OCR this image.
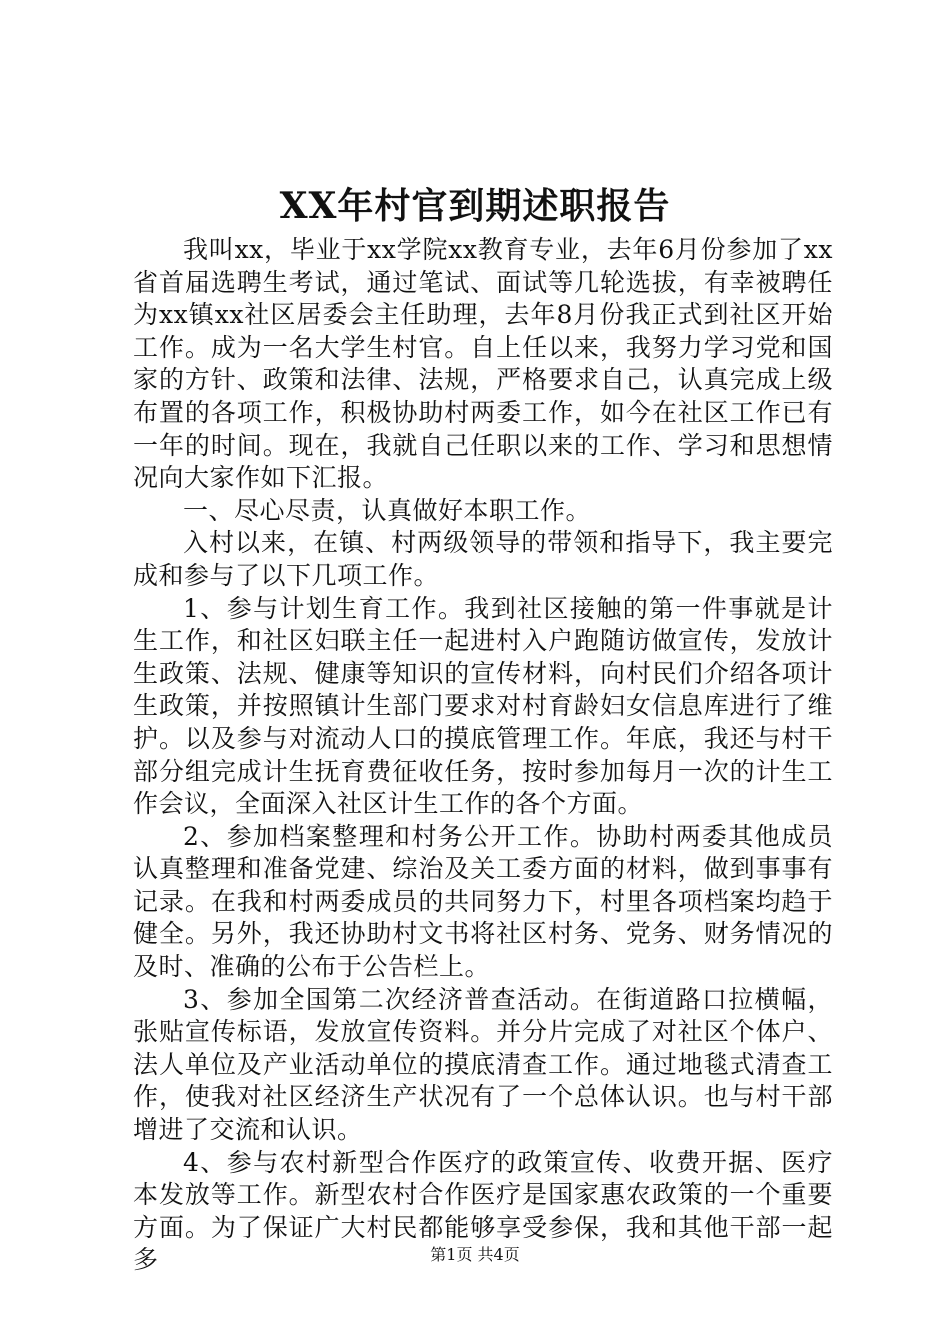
XX年村官到期述职报告

我叫xx，毕业于xx学院xx教育专业，去年6月份参加了xx省首届选聘生考试，通过笔试、面试等几轮选拔，有幸被聘任为xx镇xx社区居委会主任助理，去年8月份我正式到社区开始工作。成为一名大学生村官。自上任以来，我努力学习党和国家的方针、政策和法律、法规，严格要求自己，认真完成上级布置的各项工作，积极协助村两委工作，如今在社区工作已有一年的时间。现在，我就自己任职以来的工作、学习和思想情况向大家作如下汇报。

一、尽心尽责，认真做好本职工作。

入村以来，在镇、村两级领导的带领和指导下，我主要完成和参与了以下几项工作。

1、参与计划生育工作。我到社区接触的第一件事就是计生工作，和社区妇联主任一起进村入户跑随访做宣传，发放计生政策、法规、健康等知识的宣传材料，向村民们介绍各项计生政策，并按照镇计生部门要求对村育龄妇女信息库进行了维护。以及参与对流动人口的摸底管理工作。年底，我还与村干部分组完成计生抚育费征收任务，按时参加每月一次的计生工作会议，全面深入社区计生工作的各个方面。

2、参加档案整理和村务公开工作。协助村两委其他成员认真整理和准备党建、综治及关工委方面的材料，做到事事有记录。在我和村两委成员的共同努力下，村里各项档案均趋于健全。另外，我还协助村文书将社区村务、党务、财务情况的及时、准确的公布于公告栏上。

3、参加全国第二次经济普查活动。在街道路口拉横幅，张贴宣传标语，发放宣传资料。并分片完成了对社区个体户、法人单位及产业活动单位的摸底清查工作。通过地毯式清查工作，使我对社区经济生产状况有了一个总体认识。也与村干部增进了交流和认识。

4、参与农村新型合作医疗的政策宣传、收费开据、医疗本发放等工作。新型农村合作医疗是国家惠农政策的一个重要方面。为了保证广大村民都能够享受参保，我和其他干部一起多	第1页 共4页
